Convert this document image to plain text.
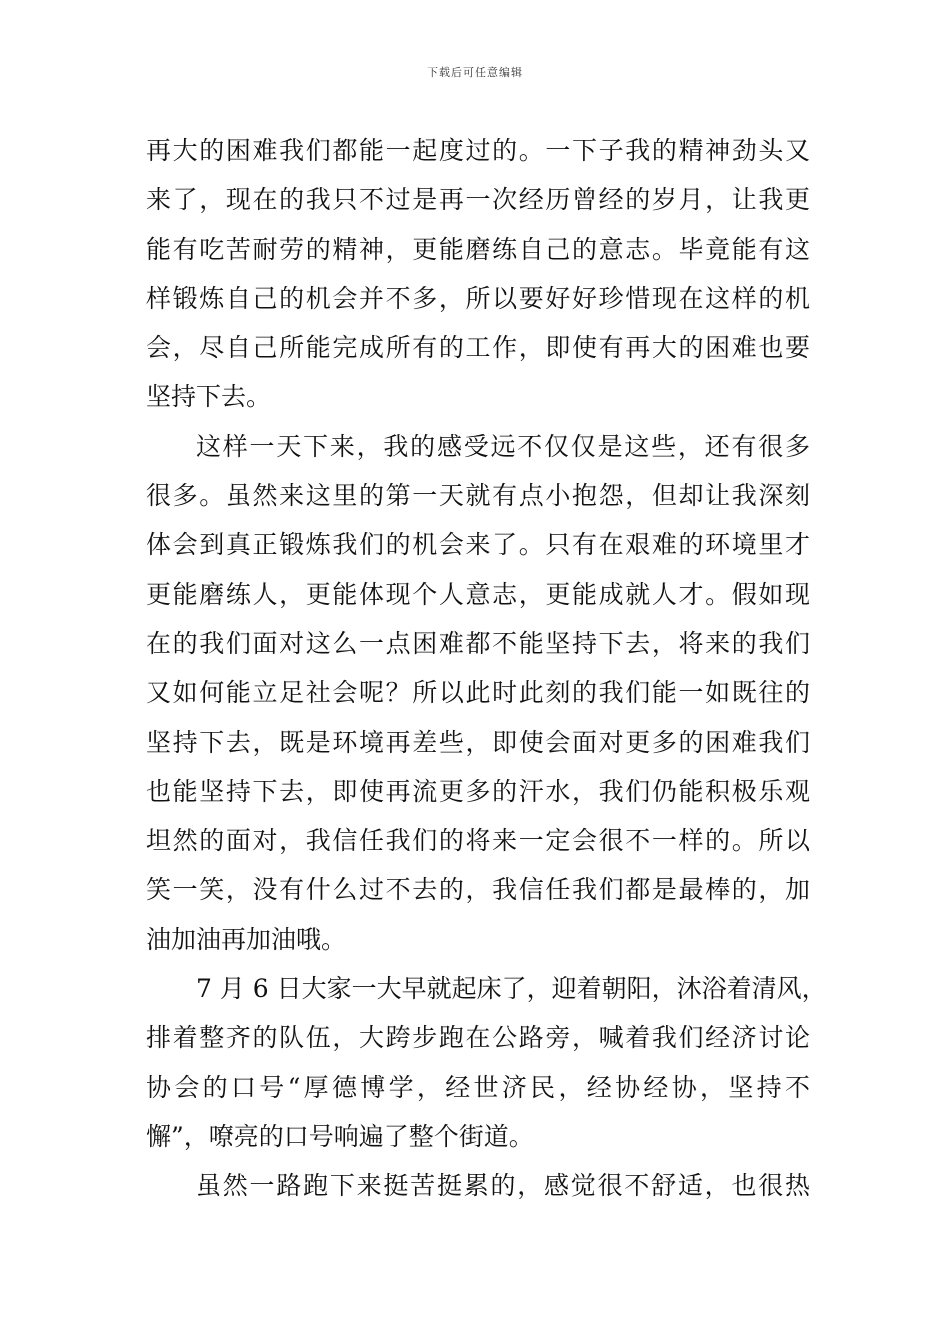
下载后可任意编辑
再大的困难我们都能一起度过的。一下子我的精神劲头又
来了，现在的我只不过是再一次经历曾经的岁月，让我更
能有吃苦耐劳的精神，更能磨练自己的意志。毕竟能有这
样锻炼自己的机会并不多，所以要好好珍惜现在这样的机
会，尽自己所能完成所有的工作，即使有再大的困难也要
坚持下去。
这样一天下来，我的感受远不仅仅是这些，还有很多
很多。虽然来这里的第一天就有点小抱怨，但却让我深刻
体会到真正锻炼我们的机会来了。只有在艰难的环境里才
更能磨练人，更能体现个人意志，更能成就人才。假如现
在的我们面对这么一点困难都不能坚持下去，将来的我们
又如何能立足社会呢？所以此时此刻的我们能一如既往的
坚持下去，既是环境再差些，即使会面对更多的困难我们
也能坚持下去，即使再流更多的汗水，我们仍能积极乐观
坦然的面对，我信任我们的将来一定会很不一样的。所以
笑一笑，没有什么过不去的，我信任我们都是最棒的，加
油加油再加油哦。
7 月 6 日大家一大早就起床了，迎着朝阳，沐浴着清风，
排着整齐的队伍，大跨步跑在公路旁，喊着我们经济讨论
协会的口号“厚德博学，经世济民，经协经协，坚持不
懈”，嘹亮的口号响遍了整个街道。
虽然一路跑下来挺苦挺累的，感觉很不舒适，也很热
